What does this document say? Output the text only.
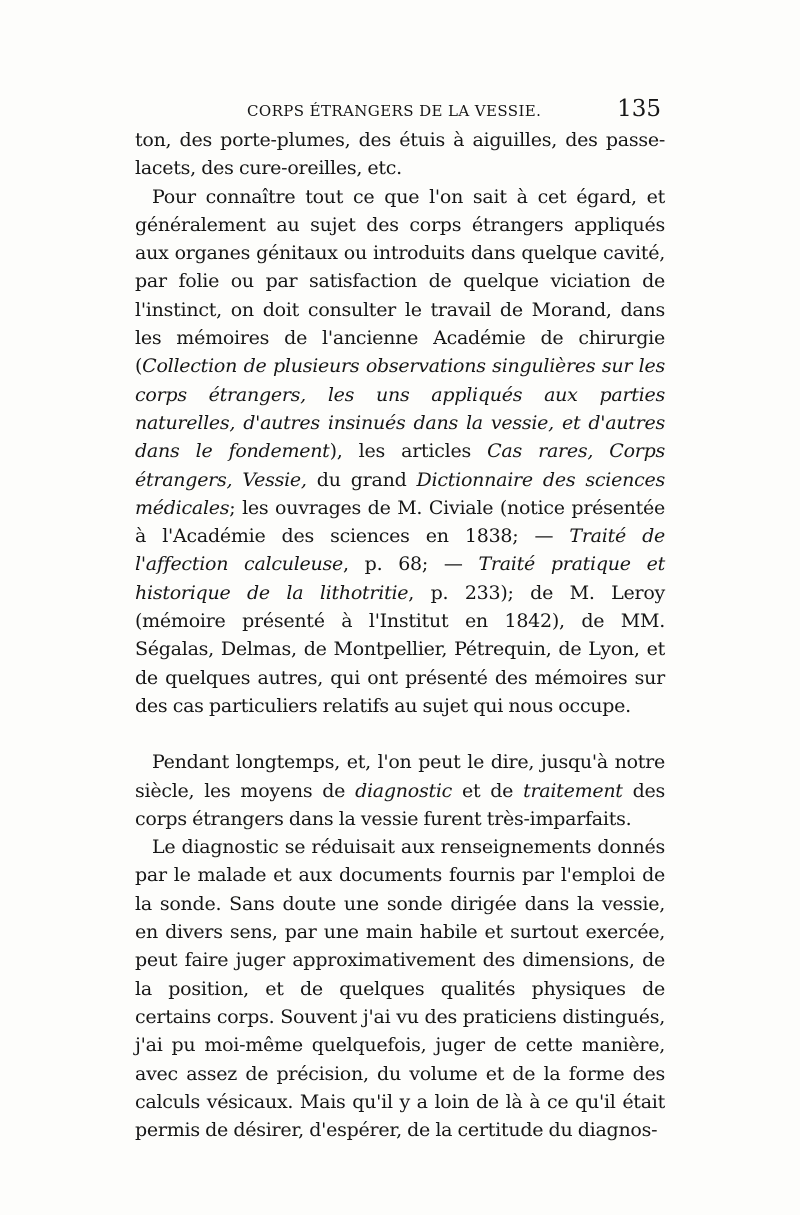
CORPS ÉTRANGERS DE LA VESSIE.	135

ton, des porte-plumes, des étuis à aiguilles, des passe-lacets, des cure-oreilles, etc.

Pour connaître tout ce que l'on sait à cet égard, et généralement au sujet des corps étrangers appliqués aux organes génitaux ou introduits dans quelque cavité, par folie ou par satisfaction de quelque viciation de l'instinct, on doit consulter le travail de Morand, dans les mémoires de l'ancienne Académie de chirurgie (Collection de plusieurs observations singulières sur les corps étrangers, les uns appliqués aux parties naturelles, d'autres insinués dans la vessie, et d'autres dans le fondement), les articles Cas rares, Corps étrangers, Vessie, du grand Dictionnaire des sciences médicales; les ouvrages de M. Civiale (notice présentée à l'Académie des sciences en 1838; — Traité de l'affection calculeuse, p. 68; — Traité pratique et historique de la lithotritie, p. 233); de M. Leroy (mémoire présenté à l'Institut en 1842), de MM. Ségalas, Delmas, de Montpellier, Pétrequin, de Lyon, et de quelques autres, qui ont présenté des mémoires sur des cas particuliers relatifs au sujet qui nous occupe.

Pendant longtemps, et, l'on peut le dire, jusqu'à notre siècle, les moyens de diagnostic et de traitement des corps étrangers dans la vessie furent très-imparfaits.

Le diagnostic se réduisait aux renseignements donnés par le malade et aux documents fournis par l'emploi de la sonde. Sans doute une sonde dirigée dans la vessie, en divers sens, par une main habile et surtout exercée, peut faire juger approximativement des dimensions, de la position, et de quelques qualités physiques de certains corps. Souvent j'ai vu des praticiens distingués, j'ai pu moi-même quelquefois, juger de cette manière, avec assez de précision, du volume et de la forme des calculs vésicaux. Mais qu'il y a loin de là à ce qu'il était permis de désirer, d'espérer, de la certitude du diagnos-
